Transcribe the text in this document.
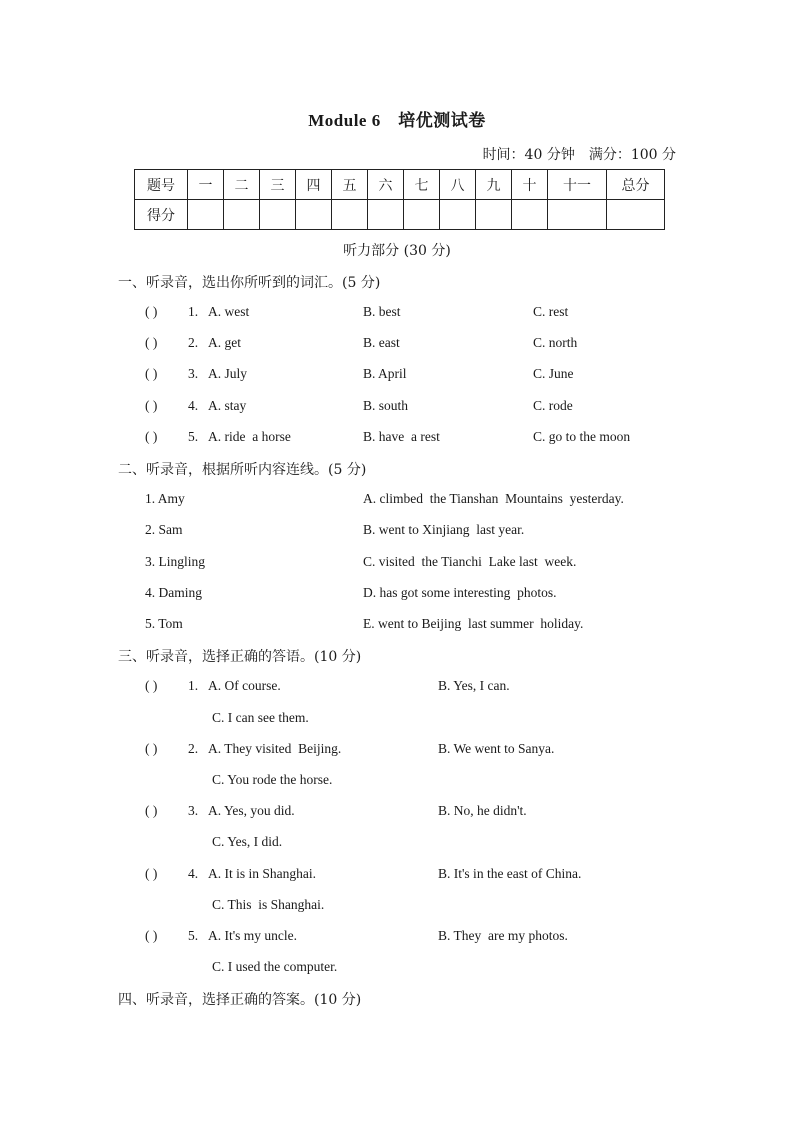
Module 6　培优测试卷
时间：40 分钟　满分：100 分
题号	一	二	三	四	五	六	七	八	九	十	十一	总分
得分												
听力部分 (30 分)
一、听录音，选出你所听到的词汇。(5 分)
( ) 1. A. west	B. best	C. rest
( ) 2. A. get	B. east	C. north
( ) 3. A. July	B. April	C. June
( ) 4. A. stay	B. south	C. rode
( ) 5. A. ride  a horse	B. have  a rest	C. go to the moon
二、听录音，根据所听内容连线。(5 分)
1. Amy	A. climbed  the Tianshan  Mountains  yesterday.
2. Sam	B. went to Xinjiang  last year.
3. Lingling	C. visited  the Tianchi  Lake last  week.
4. Daming	D. has got some interesting  photos.
5. Tom	E. went to Beijing  last summer  holiday.
三、听录音，选择正确的答语。(10 分)
( ) 1. A. Of course.	B. Yes, I can.
C. I can see them.
( ) 2. A. They visited  Beijing.	B. We went to Sanya.
C. You rode the horse.
( ) 3. A. Yes, you did.	B. No, he didn't.
C. Yes, I did.
( ) 4. A. It is in Shanghai.	B. It's in the east of China.
C. This  is Shanghai.
( ) 5. A. It's my uncle.	B. They  are my photos.
C. I used the computer.
四、听录音，选择正确的答案。(10 分)
